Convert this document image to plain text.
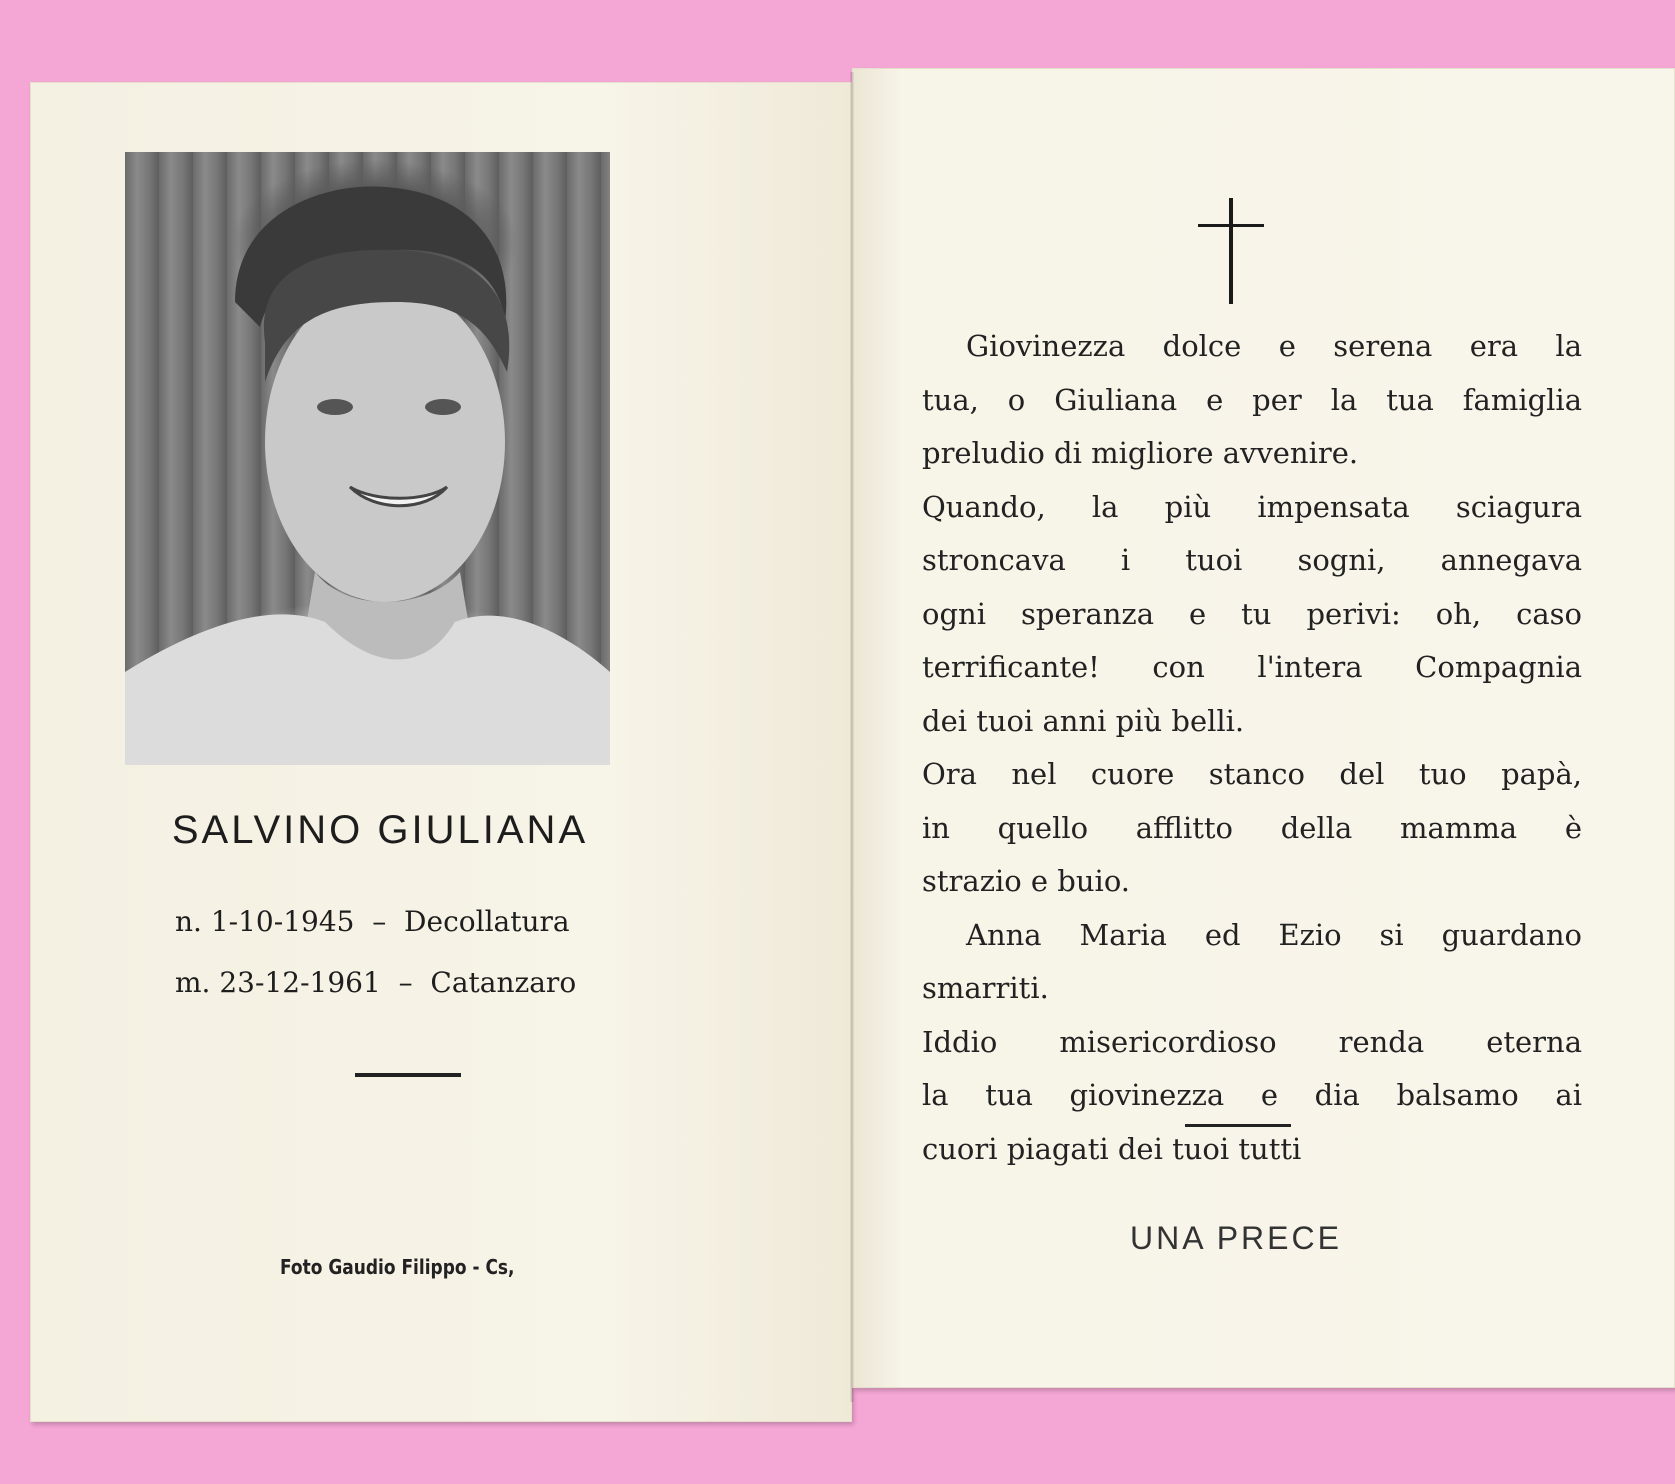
SALVINO GIULIANA
n. 1-10-1945  –  Decollatura
m. 23-12-1961  –  Catanzaro
Foto Gaudio Filippo - Cs,
Giovinezza dolce e serena era la
tua, o Giuliana e per la tua famiglia
preludio di migliore avvenire.
Quando, la più impensata sciagura
stroncava i tuoi sogni, annegava
ogni speranza e tu perivi: oh, caso
terrificante! con l'intera Compagnia
dei tuoi anni più belli.
Ora nel cuore stanco del tuo papà,
in quello afflitto della mamma è
strazio e buio.
Anna Maria ed Ezio si guardano
smarriti.
Iddio misericordioso renda eterna
la tua giovinezza e dia balsamo ai
cuori piagati dei tuoi tutti
UNA PRECE
